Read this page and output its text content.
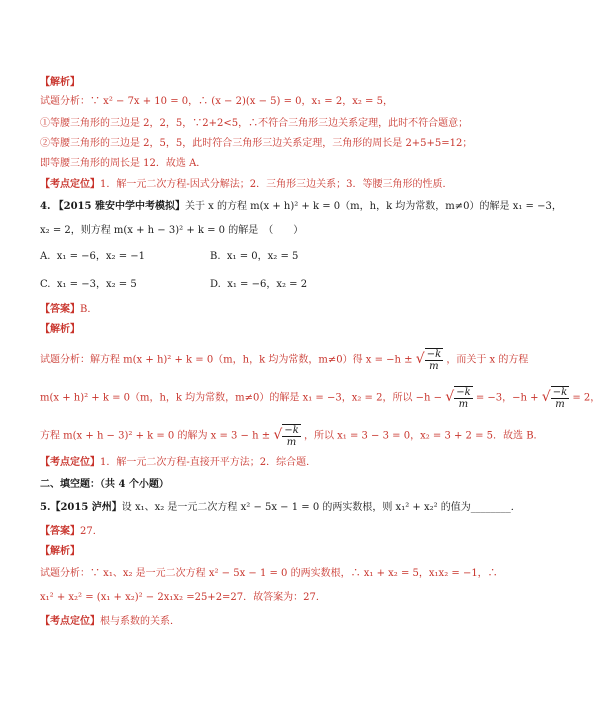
【解析】
试题分析：∵ x² − 7x + 10 = 0，∴ (x − 2)(x − 5) = 0，x₁ = 2，x₂ = 5，
①等腰三角形的三边是 2，2，5，∵2+2<5，∴不符合三角形三边关系定理，此时不符合题意；
②等腰三角形的三边是 2，5，5，此时符合三角形三边关系定理，三角形的周长是 2+5+5=12；
即等腰三角形的周长是 12．故选 A．
【考点定位】1．解一元二次方程-因式分解法；2．三角形三边关系；3．等腰三角形的性质．
4. 【2015 雅安中学中考模拟】关于 x 的方程 m(x + h)² + k = 0（m，h，k 均为常数，m≠0）的解是 x₁ = −3，
x₂ = 2，则方程 m(x + h − 3)² + k = 0 的解是　（　　）
A. x₁ = −6，x₂ = −1	B. x₁ = 0，x₂ = 5
C. x₁ = −3，x₂ = 5	D. x₁ = −6，x₂ = 2
【答案】B．
【解析】
试题分析：解方程 m(x + h)² + k = 0（m，h，k 均为常数，m≠0）得 x = −h ± √ $\frac{-k}{m}$ ，而关于 x 的方程
m(x + h)² + k = 0（m，h，k 均为常数，m≠0）的解是 x₁ = −3，x₂ = 2，所以 −h − √ $\frac{-k}{m} = -3$，−h + √ $\frac{-k}{m} = 2$，
方程 m(x + h − 3)² + k = 0 的解为 x = 3 − h ± √ $\frac{-k}{m}$ ，所以 x₁ = 3 − 3 = 0，x₂ = 3 + 2 = 5．故选 B．
【考点定位】1．解一元二次方程-直接开平方法；2．综合题．
二、填空题：（共 4 个小题）
5.【2015 泸州】设 x₁、x₂ 是一元二次方程 x² − 5x − 1 = 0 的两实数根，则 x₁² + x₂² 的值为________．
【答案】27．
【解析】
试题分析：∵ x₁、x₂ 是一元二次方程 x² − 5x − 1 = 0 的两实数根，∴ x₁ + x₂ = 5，x₁x₂ = −1，∴
x₁² + x₂² = (x₁ + x₂)² − 2x₁x₂ =25+2=27．故答案为：27．
【考点定位】根与系数的关系．
